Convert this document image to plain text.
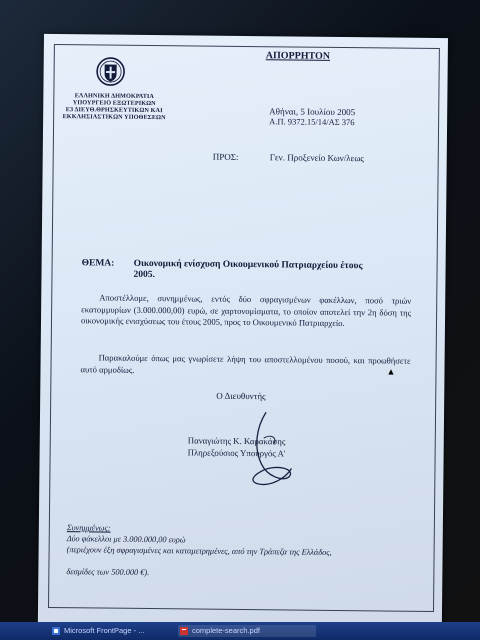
ΕΛΛΗΝΙΚΗ ΔΗΜΟΚΡΑΤΙΑ
ΥΠΟΥΡΓΕΙΟ ΕΞΩΤΕΡΙΚΩΝ
Ε3 ΔΙΕΥΘ.ΘΡΗΣΚΕΥΤΙΚΩΝ ΚΑΙ
ΕΚΚΛΗΣΙΑΣΤΙΚΩΝ ΥΠΟΘΕΣΕΩΝ
ΑΠΟΡΡΗΤΟΝ
Αθήναι, 5 Ιουλίου 2005
Α.Π. 9372.15/14/ΑΣ 376
ΠΡΟΣ:	Γεν. Προξενείο Κων/λεως
ΘΕΜΑ: Οικονομική ενίσχυση Οικουμενικού Πατριαρχείου έτους 2005.
Αποστέλλομε, συνημμένως, εντός δύο σφραγισμένων φακέλλων, ποσό τριών εκατομμυρίων (3.000.000,00) ευρώ, σε χαρτονομίσματα, το οποίον αποτελεί την 2η δόση της οικονομικής ενισχύσεως του έτους 2005, προς το Οικουμενικό Πατριαρχείο.
Παρακαλούμε όπως μας γνωρίσετε λήψη του αποστελλομένου ποσού, και προωθήσετε αυτό αρμοδίως.	▲
Ο Διευθυντής
Παναγιώτης Κ. Καρακάσης
Πληρεξούσιος Υπουργός Α'
Συνημμένως:
Δύο φάκελλοι με 3.000.000,00 ευρώ
(περιέχουν έξη σφραγισμένες και καταμετρημένες, από την Τράπεζα της Ελλάδος,
δεσμίδες των 500.000 €).
Microsoft FrontPage - ...	complete-search.pdf
